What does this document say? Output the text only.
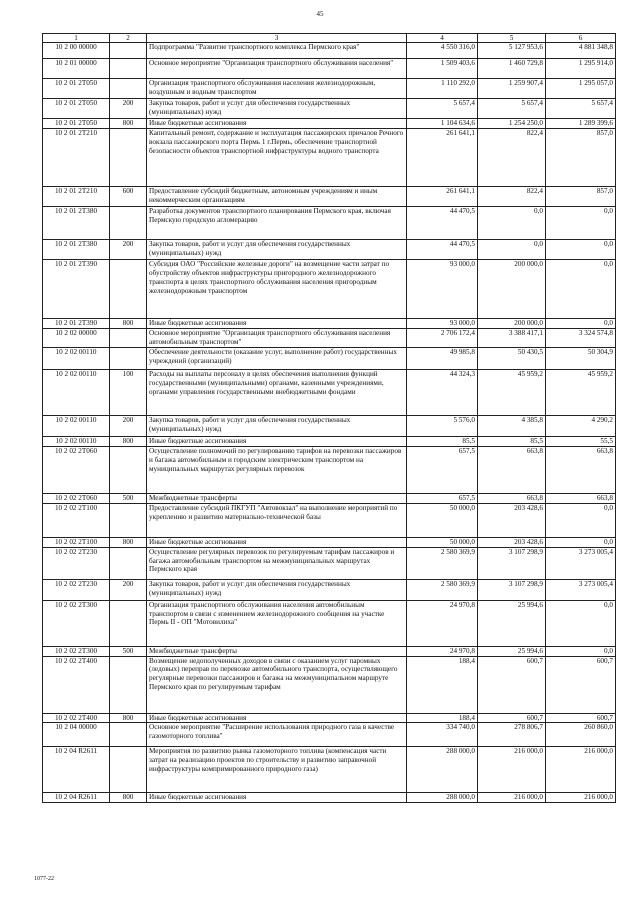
45
1	2	3	4	5	6
10 2 00 00000		Подпрограмма "Развитие транспортного комплекса Пермского края"	4 550 316,0	5 127 953,6	4 881 348,8
10 2 01 00000		Основное мероприятие "Организация транспортного обслуживания населения"	1 509 403,6	1 460 729,8	1 295 914,0
10 2 01 2T050		Организация транспортного обслуживания населения железнодорожным, воздушным и водным транспортом	1 110 292,0	1 259 907,4	1 295 057,0
10 2 01 2T050	200	Закупка товаров, работ и услуг для обеспечения государственных (муниципальных) нужд	5 657,4	5 657,4	5 657,4
10 2 01 2T050	800	Иные бюджетные ассигнования	1 104 634,6	1 254 250,0	1 289 399,6
10 2 01 2T210		Капитальный ремонт, содержание и эксплуатация пассажирских причалов Речного вокзала пассажирского порта Пермь 1 г.Пермь, обеспечение транспортной безопасности объектов транспортной инфраструктуры водного транспорта	261 641,1	822,4	857,0
10 2 01 2T210	600	Предоставление субсидий бюджетным, автономным учреждениям и иным некоммерческим организациям	261 641,1	822,4	857,0
10 2 01 2T380		Разработка документов транспортного планирования Пермского края, включая Пермскую городскую агломерацию	44 470,5	0,0	0,0
10 2 01 2T380	200	Закупка товаров, работ и услуг для обеспечения государственных (муниципальных) нужд	44 470,5	0,0	0,0
10 2 01 2T390		Субсидия ОАО "Российские железные дороги" на возмещение части затрат по обустройству объектов инфраструктуры пригородного железнодорожного транспорта в целях транспортного обслуживания населения пригородным железнодорожным транспортом	93 000,0	200 000,0	0,0
10 2 01 2T390	800	Иные бюджетные ассигнования	93 000,0	200 000,0	0,0
10 2 02 00000		Основное мероприятие "Организация транспортного обслуживания населения автомобильным транспортом"	2 706 172,4	3 388 417,1	3 324 574,8
10 2 02 00110		Обеспечение деятельности (оказание услуг, выполнение работ) государственных учреждений (организаций)	49 985,8	50 430,5	50 304,9
10 2 02 00110	100	Расходы на выплаты персоналу в целях обеспечения выполнения функций государственными (муниципальными) органами, казенными учреждениями, органами управления государственными внебюджетными фондами	44 324,3	45 959,2	45 959,2
10 2 02 00110	200	Закупка товаров, работ и услуг для обеспечения государственных (муниципальных) нужд	5 576,0	4 385,8	4 290,2
10 2 02 00110	800	Иные бюджетные ассигнования	85,5	85,5	55,5
10 2 02 2T060		Осуществление полномочий по регулированию тарифов на перевозки пассажиров и багажа автомобильным и городским электрическим транспортом на муниципальных маршрутах регулярных перевозок	657,5	663,8	663,8
10 2 02 2T060	500	Межбюджетные трансферты	657,5	663,8	663,8
10 2 02 2T100		Предоставление субсидий ПКГУП "Автовокзал" на выполнение мероприятий по укреплению и развитию материально-технической базы	50 000,0	203 428,6	0,0
10 2 02 2T100	800	Иные бюджетные ассигнования	50 000,0	203 428,6	0,0
10 2 02 2T230		Осуществление регулярных перевозок по регулируемым тарифам пассажиров и багажа автомобильным транспортом на межмуниципальных маршрутах Пермского края	2 580 369,9	3 107 298,9	3 273 005,4
10 2 02 2T230	200	Закупка товаров, работ и услуг для обеспечения государственных (муниципальных) нужд	2 580 369,9	3 107 298,9	3 273 005,4
10 2 02 2T300		Организация транспортного обслуживания населения автомобильным транспортом в связи с изменением железнодорожного сообщения на участке Пермь II - ОП "Мотовилиха"	24 970,8	25 994,6	0,0
10 2 02 2T300	500	Межбюджетные трансферты	24 970,8	25 994,6	0,0
10 2 02 2T400		Возмещение недополученных доходов в связи с оказанием услуг паромных (ледовых) переправ по перевозке автомобильного транспорта, осуществляющего регулярные перевозки пассажиров и багажа на межмуниципальном маршруте Пермского края по регулируемым тарифам	188,4	600,7	600,7
10 2 02 2T400	800	Иные бюджетные ассигнования	188,4	600,7	600,7
10 2 04 00000		Основное мероприятие "Расширение использования природного газа в качестве газомоторного топлива"	334 740,0	278 806,7	260 860,0
10 2 04 R2611		Мероприятия по развитию рынка газомоторного топлива (компенсация части затрат на реализацию проектов по строительству и развитию заправочной инфраструктуры компримированного природного газа)	288 000,0	216 000,0	216 000,0
10 2 04 R2611	800	Иные бюджетные ассигнования	288 000,0	216 000,0	216 000,0
1077-22
